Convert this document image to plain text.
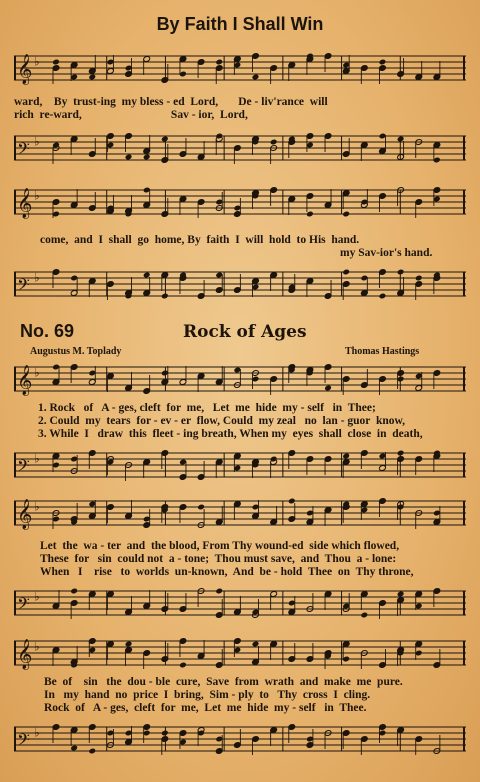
By Faith I Shall Win
𝄞 ♭
ward,    By  trust-ing  my bless - ed  Lord,       De - liv'rance  will
rich  re-ward,                               Sav - ior,  Lord,
𝄢 ♭
𝄞 ♭
come,  and  I  shall  go  home, By  faith  I  will  hold  to His  hand.
my Sav-ior's hand.
𝄢 ♭
No. 69	Rock of Ages
Augustus M. Toplady	Thomas Hastings
𝄞 ♭
1. Rock   of   A - ges, cleft  for  me,   Let  me  hide  my - self   in  Thee;
2. Could  my  tears  for - ev - er  flow, Could  my zeal   no  lan - guor  know,
3. While  I   draw  this  fleet - ing breath, When my  eyes  shall  close  in  death,
𝄢 ♭
𝄞 ♭
Let  the  wa - ter  and  the blood, From Thy wound-ed  side which flowed,
These  for   sin  could not  a - tone;  Thou must save,  and  Thou  a - lone:
When   I    rise   to  worlds  un-known,  And  be - hold  Thee  on  Thy throne,
𝄢 ♭
𝄞 ♭
Be  of    sin   the  dou - ble  cure,  Save  from  wrath  and  make  me  pure.
In   my  hand  no  price  I  bring,  Sim - ply  to   Thy  cross  I  cling.
Rock  of   A - ges,  cleft  for  me,  Let  me  hide  my - self   in  Thee.
𝄢 ♭
